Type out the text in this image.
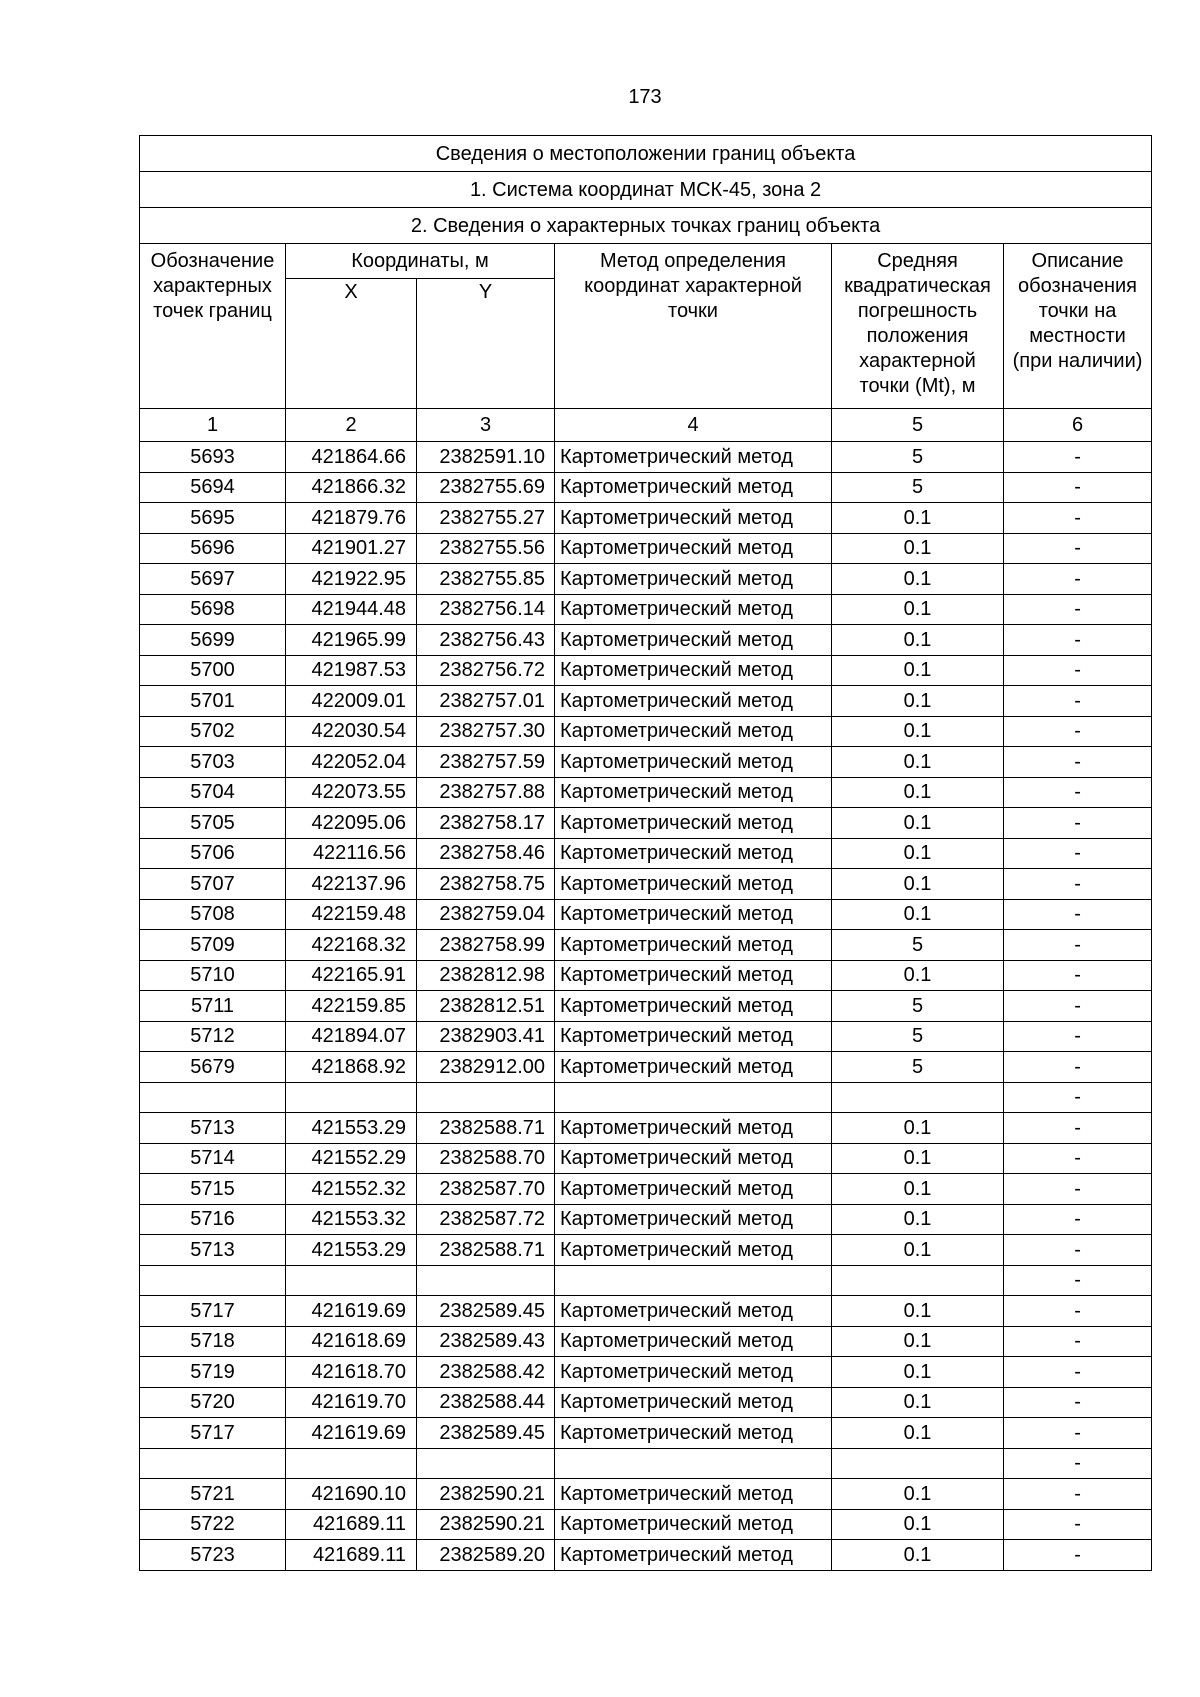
173
Сведения о местоположении границ объекта					
1. Система координат МСК-45, зона 2					
2. Сведения о характерных точках границ объекта					
Обозначение характерных точек границ	Координаты, м		Метод определения координат характерной точки	Средняя квадратическая погрешность положения характерной точки (Mt), м	Описание обозначения точки на местности (при наличии)
	X	Y			
1	2	3	4	5	6
5693	421864.66	2382591.10	Картометрический метод	5	-
5694	421866.32	2382755.69	Картометрический метод	5	-
5695	421879.76	2382755.27	Картометрический метод	0.1	-
5696	421901.27	2382755.56	Картометрический метод	0.1	-
5697	421922.95	2382755.85	Картометрический метод	0.1	-
5698	421944.48	2382756.14	Картометрический метод	0.1	-
5699	421965.99	2382756.43	Картометрический метод	0.1	-
5700	421987.53	2382756.72	Картометрический метод	0.1	-
5701	422009.01	2382757.01	Картометрический метод	0.1	-
5702	422030.54	2382757.30	Картометрический метод	0.1	-
5703	422052.04	2382757.59	Картометрический метод	0.1	-
5704	422073.55	2382757.88	Картометрический метод	0.1	-
5705	422095.06	2382758.17	Картометрический метод	0.1	-
5706	422116.56	2382758.46	Картометрический метод	0.1	-
5707	422137.96	2382758.75	Картометрический метод	0.1	-
5708	422159.48	2382759.04	Картометрический метод	0.1	-
5709	422168.32	2382758.99	Картометрический метод	5	-
5710	422165.91	2382812.98	Картометрический метод	0.1	-
5711	422159.85	2382812.51	Картометрический метод	5	-
5712	421894.07	2382903.41	Картометрический метод	5	-
5679	421868.92	2382912.00	Картометрический метод	5	-
					-
5713	421553.29	2382588.71	Картометрический метод	0.1	-
5714	421552.29	2382588.70	Картометрический метод	0.1	-
5715	421552.32	2382587.70	Картометрический метод	0.1	-
5716	421553.32	2382587.72	Картометрический метод	0.1	-
5713	421553.29	2382588.71	Картометрический метод	0.1	-
					-
5717	421619.69	2382589.45	Картометрический метод	0.1	-
5718	421618.69	2382589.43	Картометрический метод	0.1	-
5719	421618.70	2382588.42	Картометрический метод	0.1	-
5720	421619.70	2382588.44	Картометрический метод	0.1	-
5717	421619.69	2382589.45	Картометрический метод	0.1	-
					-
5721	421690.10	2382590.21	Картометрический метод	0.1	-
5722	421689.11	2382590.21	Картометрический метод	0.1	-
5723	421689.11	2382589.20	Картометрический метод	0.1	-
